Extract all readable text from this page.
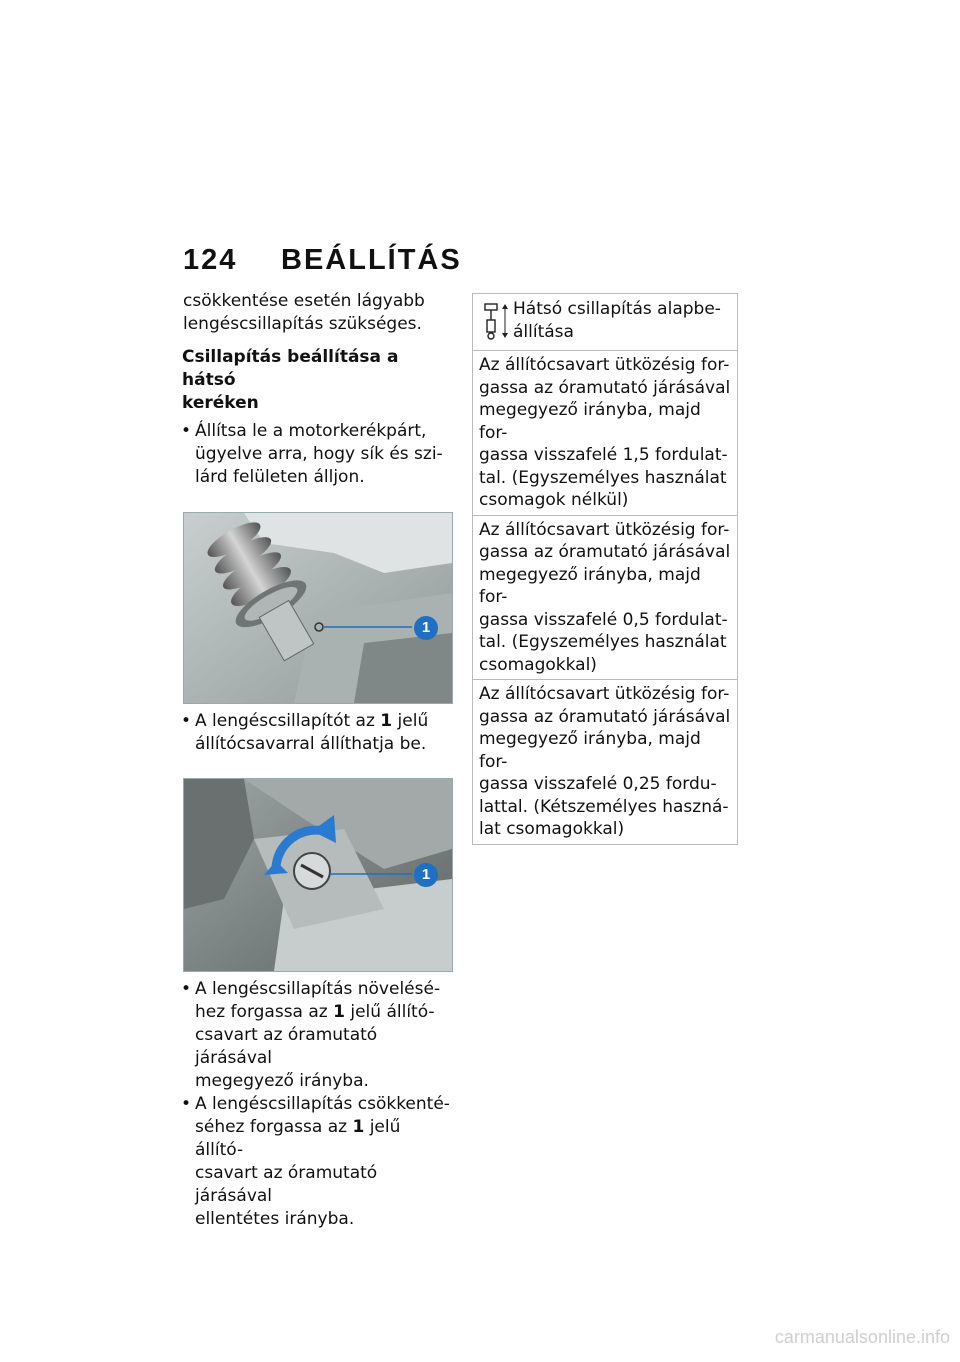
124 BEÁLLÍTÁS

csökkentése esetén lágyabb

lengéscsillapítás szükséges.

Csillapítás beállítása a hátsó
keréken
• Állítsa le a motorkerékpárt,
ügyelve arra, hogy sík és szi-
lárd felületen álljon.
1
• A lengéscsillapítót az 1 jelű
állítócsavarral állíthatja be.
1
• A lengéscsillapítás növelésé-
hez forgassa az 1 jelű állító-
csavart az óramutató járásával
megegyező irányba.
• A lengéscsillapítás csökkenté-
séhez forgassa az 1 jelű állító-
csavart az óramutató járásával
ellentétes irányba.
Hátsó csillapítás alapbe-
állítása
Az állítócsavart ütközésig for-
gassa az óramutató járásával
megegyező irányba, majd for-
gassa visszafelé 1,5 fordulat-
tal. (Egyszemélyes használat
csomagok nélkül)
Az állítócsavart ütközésig for-
gassa az óramutató járásával
megegyező irányba, majd for-
gassa visszafelé 0,5 fordulat-
tal. (Egyszemélyes használat
csomagokkal)
Az állítócsavart ütközésig for-
gassa az óramutató járásával
megegyező irányba, majd for-
gassa visszafelé 0,25 fordu-
lattal. (Kétszemélyes haszná-
lat csomagokkal)
carmanualsonline.info
